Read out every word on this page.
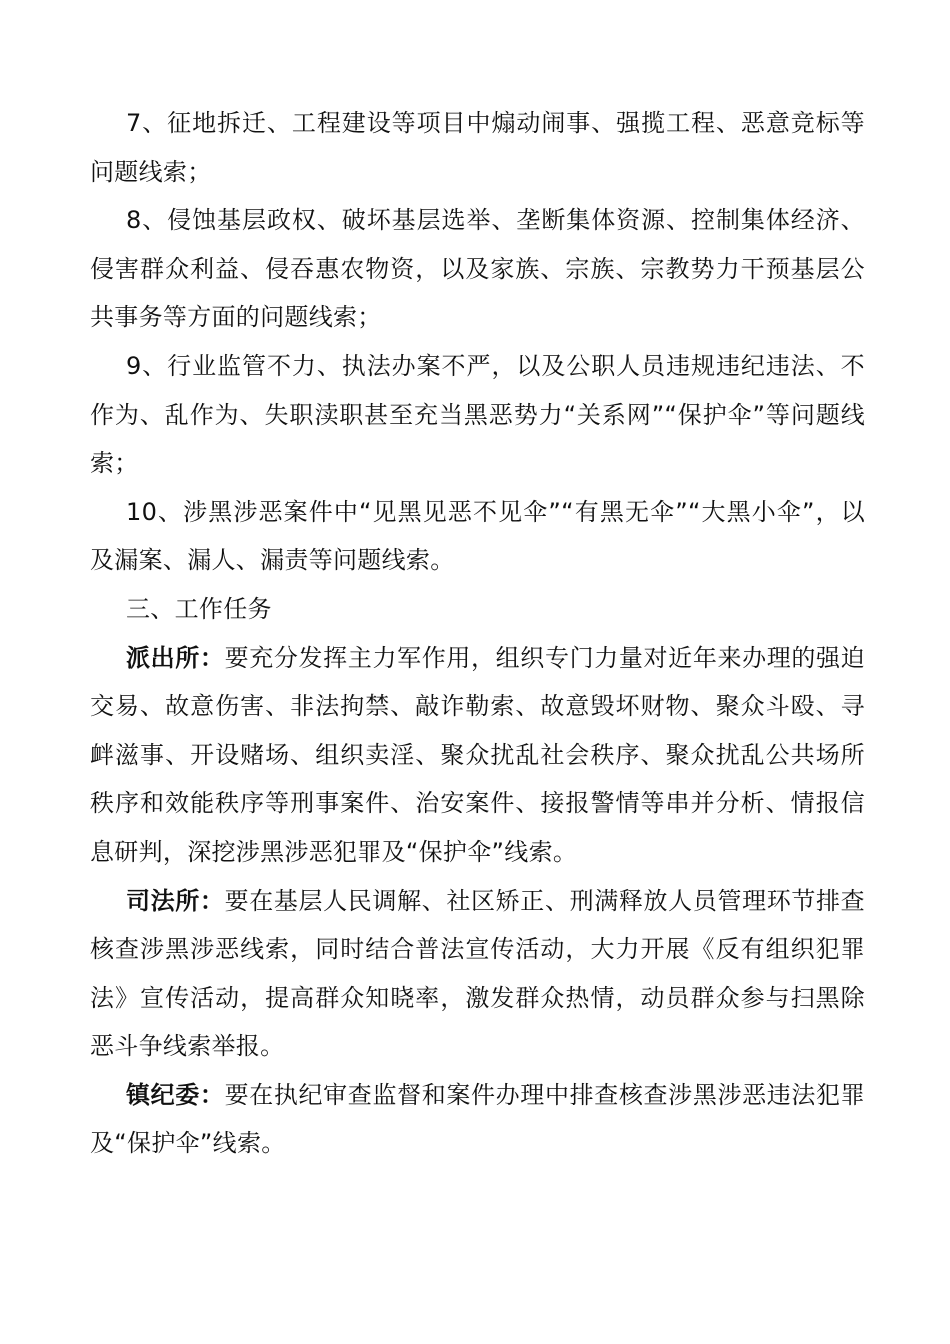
7、征地拆迁、工程建设等项目中煽动闹事、强揽工程、恶意竞标等问题线索；

8、侵蚀基层政权、破坏基层选举、垄断集体资源、控制集体经济、侵害群众利益、侵吞惠农物资，以及家族、宗族、宗教势力干预基层公共事务等方面的问题线索；

9、行业监管不力、执法办案不严，以及公职人员违规违纪违法、不作为、乱作为、失职渎职甚至充当黑恶势力“关系网”“保护伞”等问题线索；

10、涉黑涉恶案件中“见黑见恶不见伞”“有黑无伞”“大黑小伞”，以及漏案、漏人、漏责等问题线索。

三、工作任务

派出所：要充分发挥主力军作用，组织专门力量对近年来办理的强迫交易、故意伤害、非法拘禁、敲诈勒索、故意毁坏财物、聚众斗殴、寻衅滋事、开设赌场、组织卖淫、聚众扰乱社会秩序、聚众扰乱公共场所秩序和效能秩序等刑事案件、治安案件、接报警情等串并分析、情报信息研判，深挖涉黑涉恶犯罪及“保护伞”线索。

司法所：要在基层人民调解、社区矫正、刑满释放人员管理环节排查核查涉黑涉恶线索，同时结合普法宣传活动，大力开展《反有组织犯罪法》宣传活动，提高群众知晓率，激发群众热情，动员群众参与扫黑除恶斗争线索举报。

镇纪委：要在执纪审查监督和案件办理中排查核查涉黑涉恶违法犯罪及“保护伞”线索。
